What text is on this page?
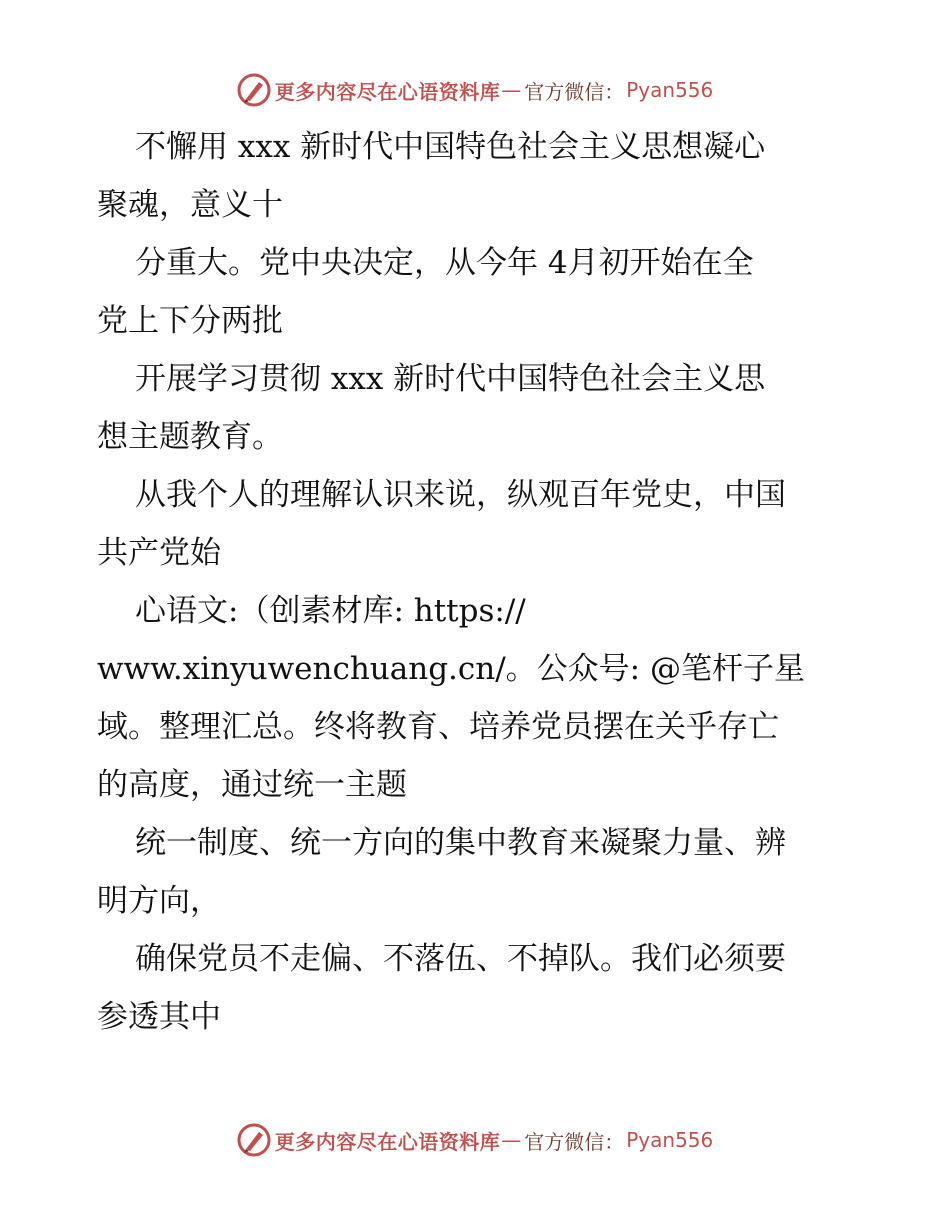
更多内容尽在心语资料库 — 官方微信： Pyan556
不懈用 xxx 新时代中国特色社会主义思想凝心
聚魂，意义十
分重大。党中央决定，从今年 4月初开始在全
党上下分两批
开展学习贯彻 xxx 新时代中国特色社会主义思
想主题教育。
从我个人的理解认识来说，纵观百年党史，中国
共产党始
心语文:（创素材库: https://
www.xinyuwenchuang.cn/。公众号: @笔杆子星
域。整理汇总。终将教育、培养党员摆在关乎存亡
的高度，通过统一主题
统一制度、统一方向的集中教育来凝聚力量、辨
明方向，
确保党员不走偏、不落伍、不掉队。我们必须要
参透其中
更多内容尽在心语资料库 — 官方微信： Pyan556
